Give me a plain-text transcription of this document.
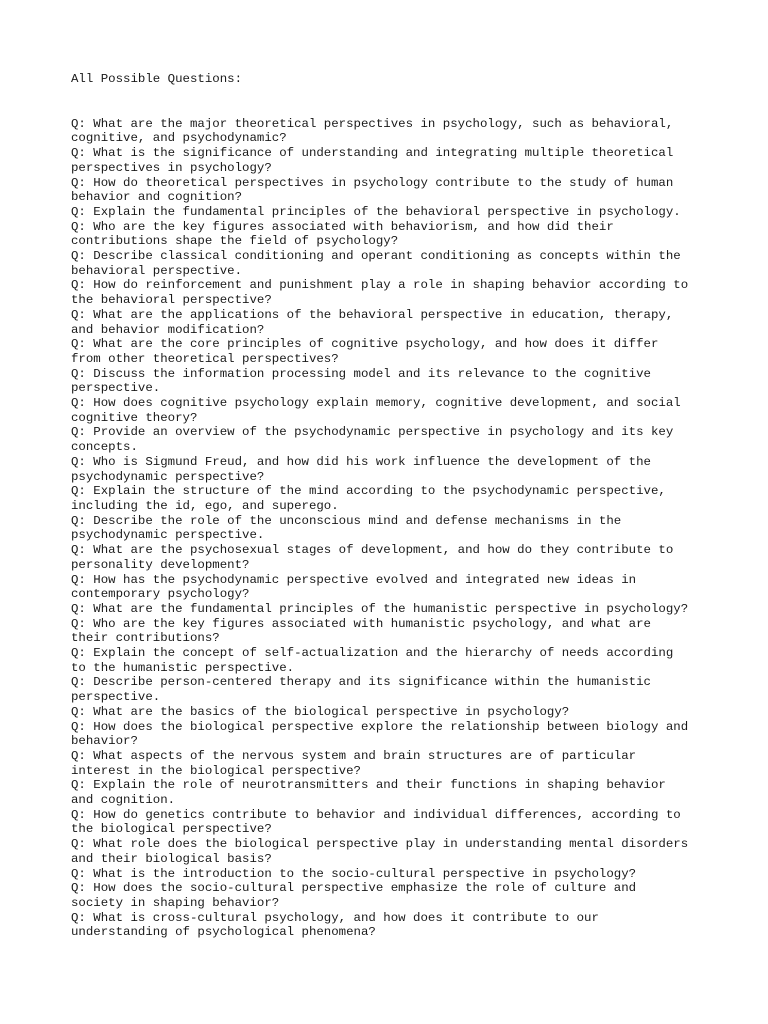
All Possible Questions:
Q: What are the major theoretical perspectives in psychology, such as behavioral,
cognitive, and psychodynamic?
Q: What is the significance of understanding and integrating multiple theoretical
perspectives in psychology?
Q: How do theoretical perspectives in psychology contribute to the study of human
behavior and cognition?
Q: Explain the fundamental principles of the behavioral perspective in psychology.
Q: Who are the key figures associated with behaviorism, and how did their
contributions shape the field of psychology?
Q: Describe classical conditioning and operant conditioning as concepts within the
behavioral perspective.
Q: How do reinforcement and punishment play a role in shaping behavior according to
the behavioral perspective?
Q: What are the applications of the behavioral perspective in education, therapy,
and behavior modification?
Q: What are the core principles of cognitive psychology, and how does it differ
from other theoretical perspectives?
Q: Discuss the information processing model and its relevance to the cognitive
perspective.
Q: How does cognitive psychology explain memory, cognitive development, and social
cognitive theory?
Q: Provide an overview of the psychodynamic perspective in psychology and its key
concepts.
Q: Who is Sigmund Freud, and how did his work influence the development of the
psychodynamic perspective?
Q: Explain the structure of the mind according to the psychodynamic perspective,
including the id, ego, and superego.
Q: Describe the role of the unconscious mind and defense mechanisms in the
psychodynamic perspective.
Q: What are the psychosexual stages of development, and how do they contribute to
personality development?
Q: How has the psychodynamic perspective evolved and integrated new ideas in
contemporary psychology?
Q: What are the fundamental principles of the humanistic perspective in psychology?
Q: Who are the key figures associated with humanistic psychology, and what are
their contributions?
Q: Explain the concept of self-actualization and the hierarchy of needs according
to the humanistic perspective.
Q: Describe person-centered therapy and its significance within the humanistic
perspective.
Q: What are the basics of the biological perspective in psychology?
Q: How does the biological perspective explore the relationship between biology and
behavior?
Q: What aspects of the nervous system and brain structures are of particular
interest in the biological perspective?
Q: Explain the role of neurotransmitters and their functions in shaping behavior
and cognition.
Q: How do genetics contribute to behavior and individual differences, according to
the biological perspective?
Q: What role does the biological perspective play in understanding mental disorders
and their biological basis?
Q: What is the introduction to the socio-cultural perspective in psychology?
Q: How does the socio-cultural perspective emphasize the role of culture and
society in shaping behavior?
Q: What is cross-cultural psychology, and how does it contribute to our
understanding of psychological phenomena?
